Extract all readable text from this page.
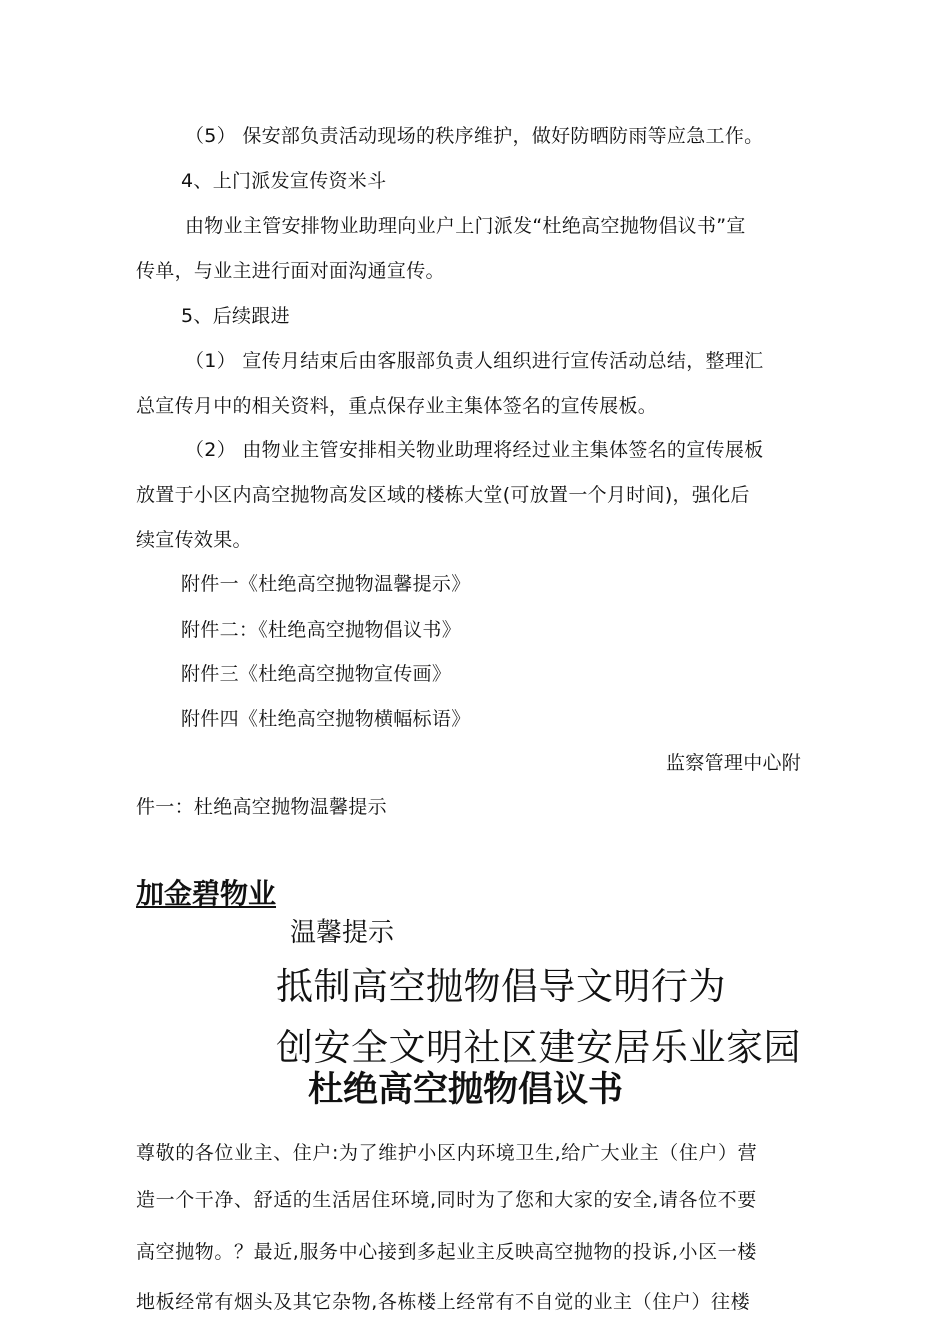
（5） 保安部负责活动现场的秩序维护，做好防晒防雨等应急工作。
4、上门派发宣传资米斗
由物业主管安排物业助理向业户上门派发“杜绝高空抛物倡议书”宣
传单，与业主进行面对面沟通宣传。
5、后续跟进
（1） 宣传月结束后由客服部负责人组织进行宣传活动总结，整理汇
总宣传月中的相关资料，重点保存业主集体签名的宣传展板。
（2） 由物业主管安排相关物业助理将经过业主集体签名的宣传展板
放置于小区内高空抛物高发区域的楼栋大堂(可放置一个月时间)，强化后
续宣传效果。
附件一《杜绝高空抛物温馨提示》
附件二：《杜绝高空抛物倡议书》
附件三《杜绝高空抛物宣传画》
附件四《杜绝高空抛物横幅标语》
监察管理中心附
件一：杜绝高空抛物温馨提示
加金碧物业
温馨提示
抵制高空抛物倡导文明行为
创安全文明社区建安居乐业家园
杜绝高空抛物倡议书
尊敬的各位业主、住户:为了维护小区内环境卫生,给广大业主（住户）营
造一个干净、舒适的生活居住环境,同时为了您和大家的安全,请各位不要
高空抛物。？最近,服务中心接到多起业主反映高空抛物的投诉,小区一楼
地板经常有烟头及其它杂物,各栋楼上经常有不自觉的业主（住户）往楼
